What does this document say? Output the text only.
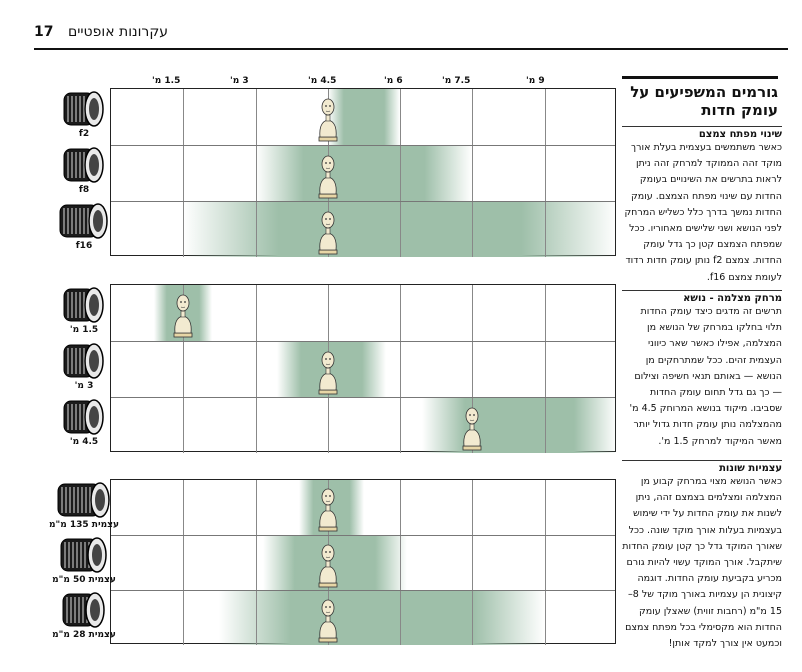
17 עקרונות אופטיים
1.5 מ'	3 מ'	4.5 מ'	6 מ'	7.5 מ'	9 מ'
f2
f8
f16
1.5 מ'
3 מ'
4.5 מ'
עצמית 135 מ"מ
עצמית 50 מ"מ
עצמית 28 מ"מ
גורמים המשפיעים על עומק חדות
שינוי מפתח צמצם
כאשר משתמשים בעצמית בעלת אורך מוקד זהה הממוקד למרחק זהה ניתן לראות בתרשים את השינויים בעומק החדות עם שינוי מפתח הצמצם. עומק החדות נמשך בדרך כלל כשליש המרחק לפני הנושא ושני שלישים מאחוריו. ככל שמפתח הצמצם קטן כך גדל עומק החדות. צמצם f2 נותן עומק חדות רדוד לעומת צמצם f16.
מרחק מצלמה - נושא
תרשים זה מדגים כיצד עומק החדות תלוי בחלקו במרחק של הנושא מן המצלמה, אפילו כאשר שאר כיווני העצמית זהים. ככל שמתרחקים מן הנושא — באותם תנאי חשיפה וצילום — כך גם גדל תחום עומק החדות שסביבו. מיקוד בנושא המרוחק 4.5 מ' מהמצלמה נותן עומק חדות גדול יותר מאשר המיקוד למרחק 1.5 מ'.
עצמיות שונות
כאשר הנושא מצוי במרחק קבוע מן המצלמה ומצלמים בצמצם זהה, ניתן לשנות את עומק החדות על ידי שימוש בעצמיות בעלות אורך מוקד שונה. ככל שאורך המוקד גדל כך קטן עומק החדות שיתקבל. אורך המוקד עשוי להיות גורם מכריע בקביעת עומק החדות. דוגמה קיצונית הן עצמיות באורך מוקד של 8–15 מ"מ (רחבות זווית) שאצלן עומק החדות הוא מקסימלי בכל מפתח צמצם וכמעט אין צורך למקד אותן!
